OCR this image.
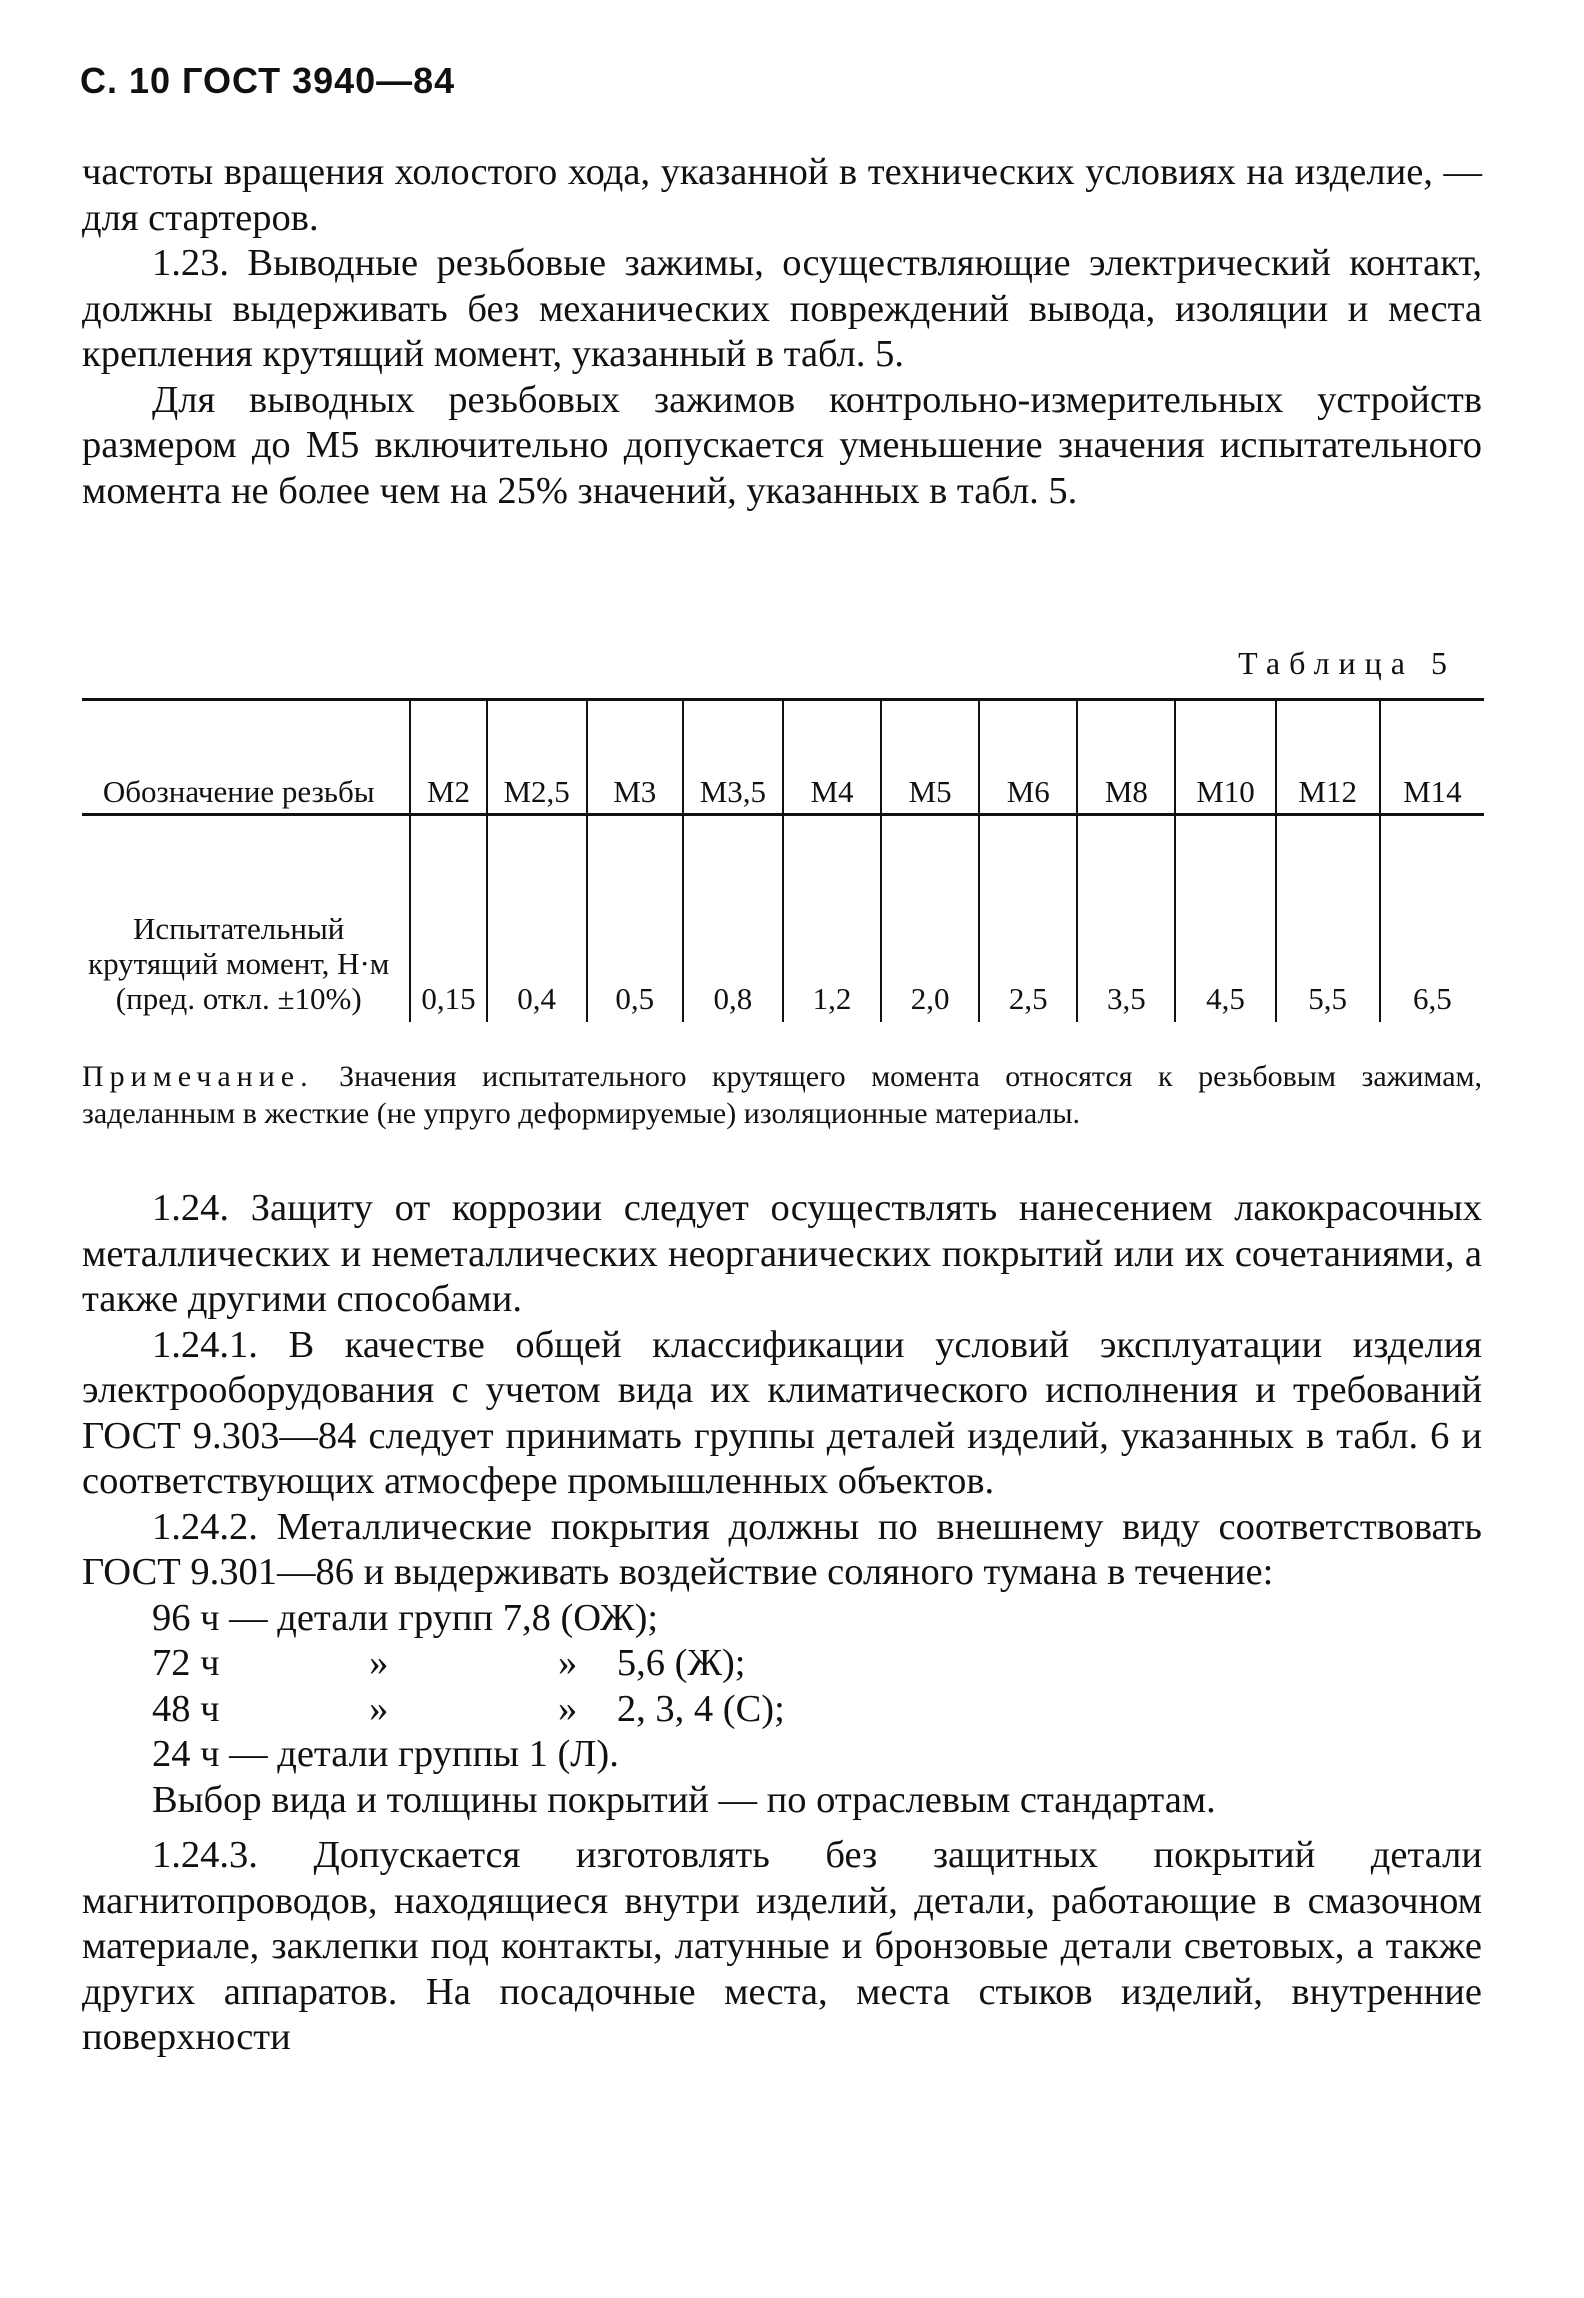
С. 10 ГОСТ 3940—84

частоты вращения холостого хода, указанной в технических условиях на изделие, — для стартеров.

1.23. Выводные резьбовые зажимы, осуществляющие электрический контакт, должны выдерживать без механических повреждений вывода, изоляции и места крепления крутящий момент, указанный в табл. 5.

Для выводных резьбовых зажимов контрольно-измерительных устройств размером до М5 включительно допускается уменьшение значения испытательного момента не более чем на 25% значений, указанных в табл. 5.

Таблица 5
Обозначение резьбы	М2	М2,5	М3	М3,5	М4	М5	М6	М8	М10	М12	М14
Испытательный крутящий момент, Н·м (пред. откл. ±10%)	0,15	0,4	0,5	0,8	1,2	2,0	2,5	3,5	4,5	5,5	6,5
Примечание. Значения испытательного крутящего момента относятся к резьбовым зажимам, заделанным в жесткие (не упруго деформируемые) изоляционные материалы.

1.24. Защиту от коррозии следует осуществлять нанесением лакокрасочных металлических и неметаллических неорганических покрытий или их сочетаниями, а также другими способами.

1.24.1. В качестве общей классификации условий эксплуатации изделия электрооборудования с учетом вида их климатического исполнения и требований ГОСТ 9.303—84 следует принимать группы деталей изделий, указанных в табл. 6 и соответствующих атмосфере промышленных объектов.

1.24.2. Металлические покрытия должны по внешнему виду соответствовать ГОСТ 9.301—86 и выдерживать воздействие соляного тумана в течение:

96 ч — детали групп 7,8 (ОЖ);

72 ч	»	» 5,6 (Ж);

48 ч	»	» 2, 3, 4 (С);

24 ч — детали группы 1 (Л).

Выбор вида и толщины покрытий — по отраслевым стандартам.

1.24.3. Допускается изготовлять без защитных покрытий детали магнитопроводов, находящиеся внутри изделий, детали, работающие в смазочном материале, заклепки под контакты, латунные и бронзовые детали световых, а также других аппаратов. На посадочные места, места стыков изделий, внутренние поверхности
